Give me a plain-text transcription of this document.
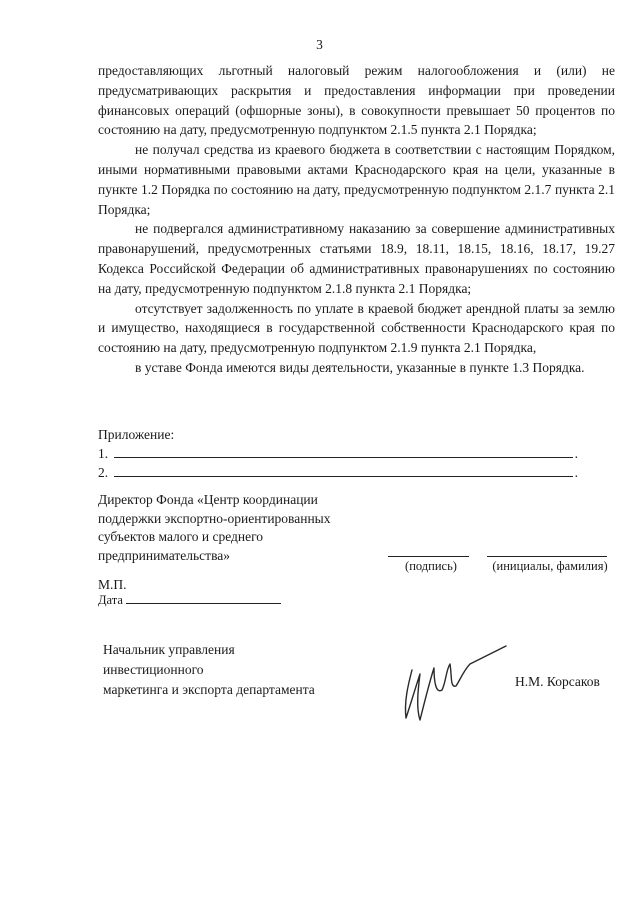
3

предоставляющих льготный налоговый режим налогообложения и (или) не предусматривающих раскрытия и предоставления информации при проведении финансовых операций (офшорные зоны), в совокупности превышает 50 процентов по состоянию на дату, предусмотренную подпунктом 2.1.5 пункта 2.1 Порядка;

не получал средства из краевого бюджета в соответствии с настоящим Порядком, иными нормативными правовыми актами Краснодарского края на цели, указанные в пункте 1.2 Порядка по состоянию на дату, предусмотренную подпунктом 2.1.7 пункта 2.1 Порядка;

не подвергался административному наказанию за совершение административных правонарушений, предусмотренных статьями 18.9, 18.11, 18.15, 18.16, 18.17, 19.27 Кодекса Российской Федерации об административных правонарушениях по состоянию на дату, предусмотренную подпунктом 2.1.8 пункта 2.1 Порядка;

отсутствует задолженность по уплате в краевой бюджет арендной платы за землю и имущество, находящиеся в государственной собственности Краснодарского края по состоянию на дату, предусмотренную подпунктом 2.1.9 пункта 2.1 Порядка,

в уставе Фонда имеются виды деятельности, указанные в пункте 1.3 Порядка.

Приложение:
1.	.
2.	.
Директор Фонда «Центр координации
поддержки экспортно-ориентированных
субъектов малого и среднего
предпринимательства»
(подпись)	(инициалы, фамилия)
М.П.
Дата
Начальник управления
инвестиционного
маркетинга и экспорта департамента
Н.М. Корсаков
